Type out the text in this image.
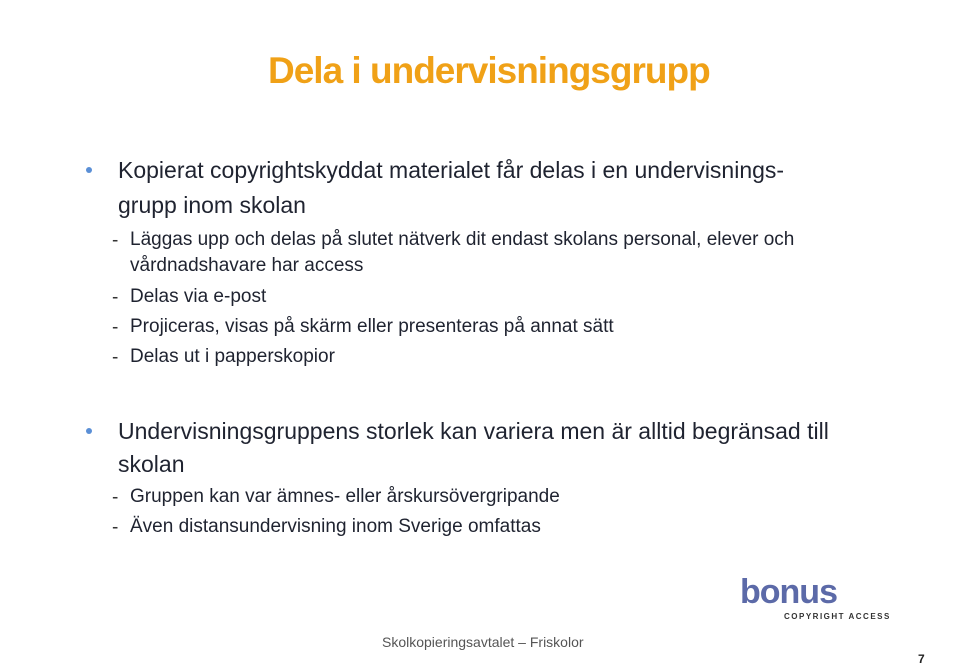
Dela i undervisningsgrupp
Kopierat copyrightskyddat materialet får delas i en undervisnings-
grupp inom skolan
- Läggas upp och delas på slutet nätverk dit endast skolans personal, elever och
vårdnadshavare har access
- Delas via e-post
- Projiceras, visas på skärm eller presenteras på annat sätt
- Delas ut i papperskopior
Undervisningsgruppens storlek kan variera men är alltid begränsad till
skolan
- Gruppen kan var ämnes- eller årskursövergripande
- Även distansundervisning inom Sverige omfattas
bonus
COPYRIGHT ACCESS
Skolkopieringsavtalet – Friskolor
7
